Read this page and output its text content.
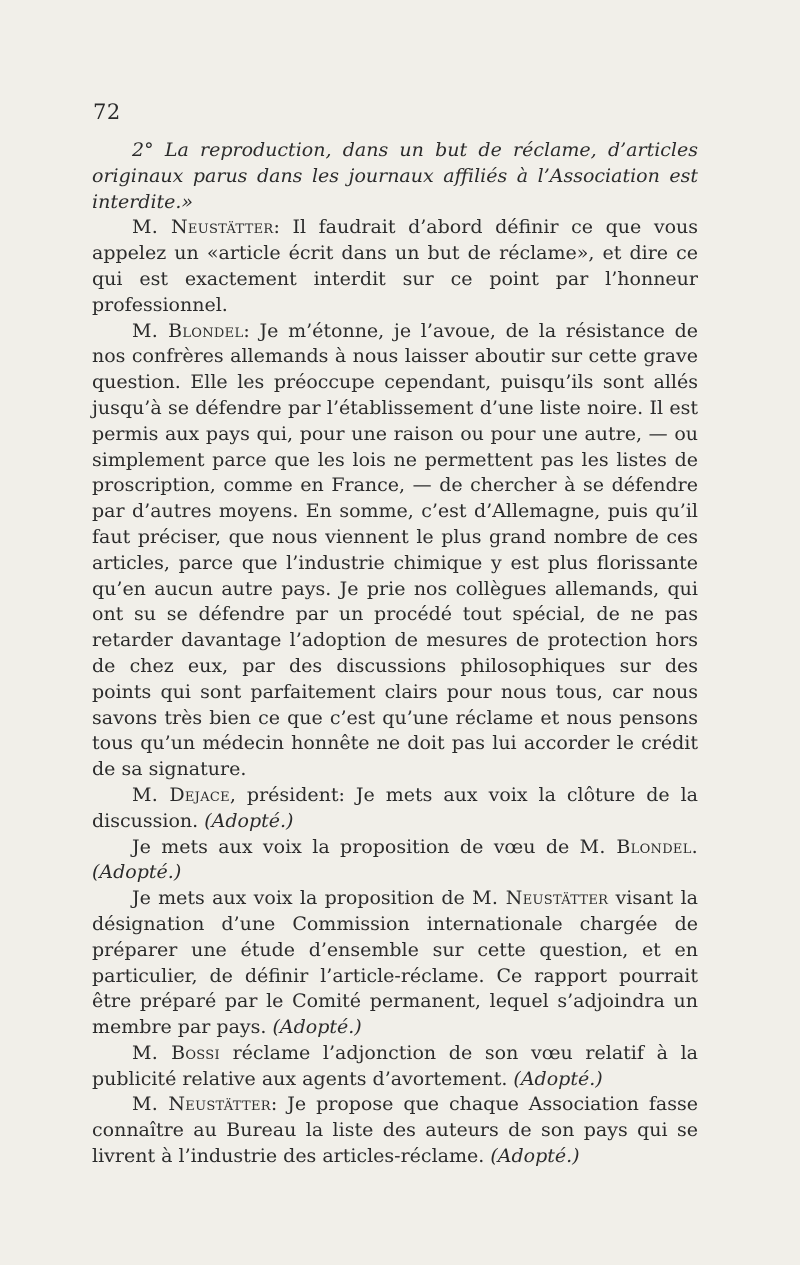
72

2° La reproduction, dans un but de réclame, d’articles originaux parus dans les journaux affiliés à l’Association est interdite.»

M. Neustätter: Il faudrait d’abord définir ce que vous appelez un «article écrit dans un but de réclame», et dire ce qui est exactement interdit sur ce point par l’honneur professionnel.

M. Blondel: Je m’étonne, je l’avoue, de la résistance de nos confrères allemands à nous laisser aboutir sur cette grave question. Elle les préoccupe cependant, puisqu’ils sont allés jusqu’à se défendre par l’établissement d’une liste noire. Il est permis aux pays qui, pour une raison ou pour une autre, — ou simplement parce que les lois ne permettent pas les listes de proscription, comme en France, — de chercher à se défendre par d’autres moyens. En somme, c’est d’Allemagne, puis qu’il faut préciser, que nous viennent le plus grand nombre de ces articles, parce que l’industrie chimique y est plus florissante qu’en aucun autre pays. Je prie nos collègues allemands, qui ont su se défendre par un procédé tout spécial, de ne pas retarder davantage l’adoption de mesures de protection hors de chez eux, par des discussions philosophiques sur des points qui sont parfaitement clairs pour nous tous, car nous savons très bien ce que c’est qu’une réclame et nous pensons tous qu’un médecin honnête ne doit pas lui accorder le crédit de sa signature.

M. Dejace, président: Je mets aux voix la clôture de la discussion. (Adopté.)

Je mets aux voix la proposition de vœu de M. Blondel. (Adopté.)

Je mets aux voix la proposition de M. Neustätter visant la désignation d’une Commission internationale chargée de préparer une étude d’ensemble sur cette question, et en particulier, de définir l’article-réclame. Ce rapport pourrait être préparé par le Comité permanent, lequel s’adjoindra un membre par pays. (Adopté.)

M. Bossi réclame l’adjonction de son vœu relatif à la publicité relative aux agents d’avortement. (Adopté.)

M. Neustätter: Je propose que chaque Association fasse connaître au Bureau la liste des auteurs de son pays qui se livrent à l’industrie des articles-réclame. (Adopté.)
